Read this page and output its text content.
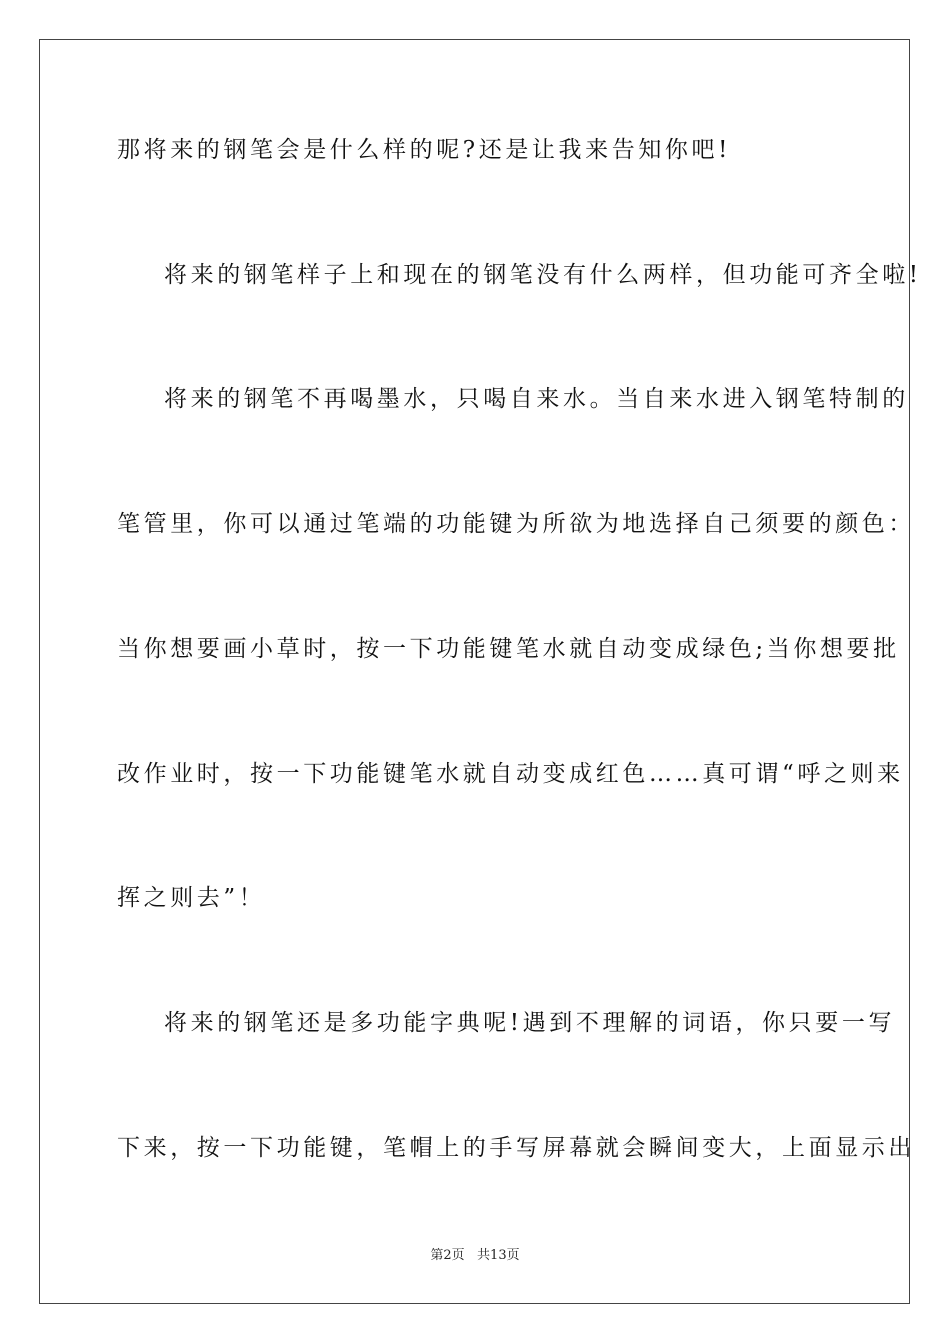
那将来的钢笔会是什么样的呢?还是让我来告知你吧!
将来的钢笔样子上和现在的钢笔没有什么两样，但功能可齐全啦!
将来的钢笔不再喝墨水，只喝自来水。当自来水进入钢笔特制的
笔管里，你可以通过笔端的功能键为所欲为地选择自己须要的颜色：
当你想要画小草时，按一下功能键笔水就自动变成绿色;当你想要批
改作业时，按一下功能键笔水就自动变成红色……真可谓“呼之则来
挥之则去”！
将来的钢笔还是多功能字典呢!遇到不理解的词语，你只要一写
下来，按一下功能键，笔帽上的手写屏幕就会瞬间变大，上面显示出
第2页   共13页
